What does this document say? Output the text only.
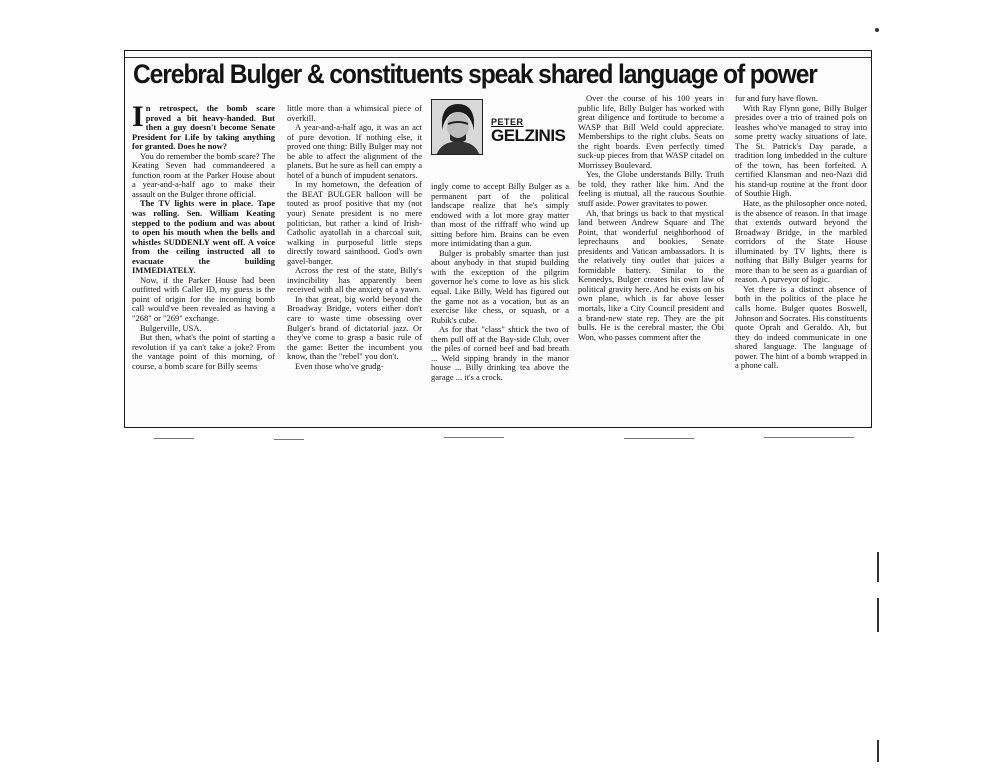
Cerebral Bulger & constituents speak shared language of power

In retrospect, the bomb scare proved a bit heavy-handed. But then a guy doesn't become Senate President for Life by taking anything for granted. Does he now?

You do remember the bomb scare? The Keating Seven had commandeered a function room at the Parker House about a year-and-a-half ago to make their assault on the Bulger throne official.

The TV lights were in place. Tape was rolling. Sen. William Keating stepped to the podium and was about to open his mouth when the bells and whistles SUDDENLY went off. A voice from the ceiling instructed all to evacuate the building IMMEDIATELY.

Now, if the Parker House had been outfitted with Caller ID, my guess is the point of origin for the incoming bomb call would've been revealed as having a "268" or "269" exchange.

Bulgerville, USA.

But then, what's the point of starting a revolution if ya can't take a joke? From the vantage point of this morning, of course, a bomb scare for Billy seems

little more than a whimsical piece of overkill.

A year-and-a-half ago, it was an act of pure devotion. If nothing else, it proved one thing: Billy Bulger may not be able to affect the alignment of the planets. But he sure as hell can empty a hotel of a bunch of impudent senators.

In my hometown, the defeation of the BEAT BULGER balloon will be touted as proof positive that my (not your) Senate president is no mere politician, but rather a kind of Irish-Catholic ayatollah in a charcoal suit, walking in purposeful little steps directly toward sainthood. God's own gavel-banger.

Across the rest of the state, Billy's invincibility has apparently been received with all the anxiety of a yawn.

In that great, big world beyond the Broadway Bridge, voters either don't care to waste time obsessing over Bulger's brand of dictatorial jazz. Or they've come to grasp a basic rule of the game: Better the incumbent you know, than the "rebel" you don't.

Even those who've grudg-

PETER
GELZINIS

ingly come to accept Billy Bulger as a permanent part of the political landscape realize that he's simply endowed with a lot more gray matter than most of the riffraff who wind up sitting before him. Brains can be even more intimidating than a gun.

Bulger is probably smarter than just about anybody in that stupid building with the exception of the pilgrim governor he's come to love as his slick equal. Like Billy, Weld has figured out the game not as a vocation, but as an exercise like chess, or squash, or a Rubik's cube.

As for that "class" shtick the two of them pull off at the Bay-side Club, over the piles of corned beef and bad breath ... Weld sipping brandy in the manor house ... Billy drinking tea above the garage ... it's a crock.

Over the course of his 100 years in public life, Billy Bulger has worked with great diligence and fortitude to become a WASP that Bill Weld could appreciate. Memberships to the right clubs. Seats on the right boards. Even perfectly timed suck-up pieces from that WASP citadel on Morrissey Boulevard.

Yes, the Globe understands Billy. Truth be told, they rather like him. And the feeling is mutual, all the raucous Southie stuff aside. Power gravitates to power.

Ah, that brings us back to that mystical land between Andrew Square and The Point, that wonderful neighborhood of leprechauns and bookies, Senate presidents and Vatican ambassadors. It is the relatively tiny outlet that juices a formidable battery. Similar to the Kennedys, Bulger creates his own law of political gravity here. And he exists on his own plane, which is far above lesser mortals, like a City Council president and a brand-new state rep. They are the pit bulls. He is the cerebral master, the Obi Won, who passes comment after the

fur and fury have flown.

With Ray Flynn gone, Billy Bulger presides over a trio of trained pols on leashes who've managed to stray into some pretty wacky situations of late. The St. Patrick's Day parade, a tradition long imbedded in the culture of the town, has been forfeited. A certified Klansman and neo-Nazi did his stand-up routine at the front door of Southie High.

Hate, as the philosopher once noted, is the absence of reason. In that image that extends outward beyond the Broadway Bridge, in the marbled corridors of the State House illuminated by TV lights, there is nothing that Billy Bulger yearns for more than to be seen as a guardian of reason. A purveyor of logic.

Yet there is a distinct absence of both in the politics of the place he calls home. Bulger quotes Boswell, Johnson and Socrates. His constituents quote Oprah and Geraldo. Ah, but they do indeed communicate in one shared language. The language of power. The hint of a bomb wrapped in a phone call.
